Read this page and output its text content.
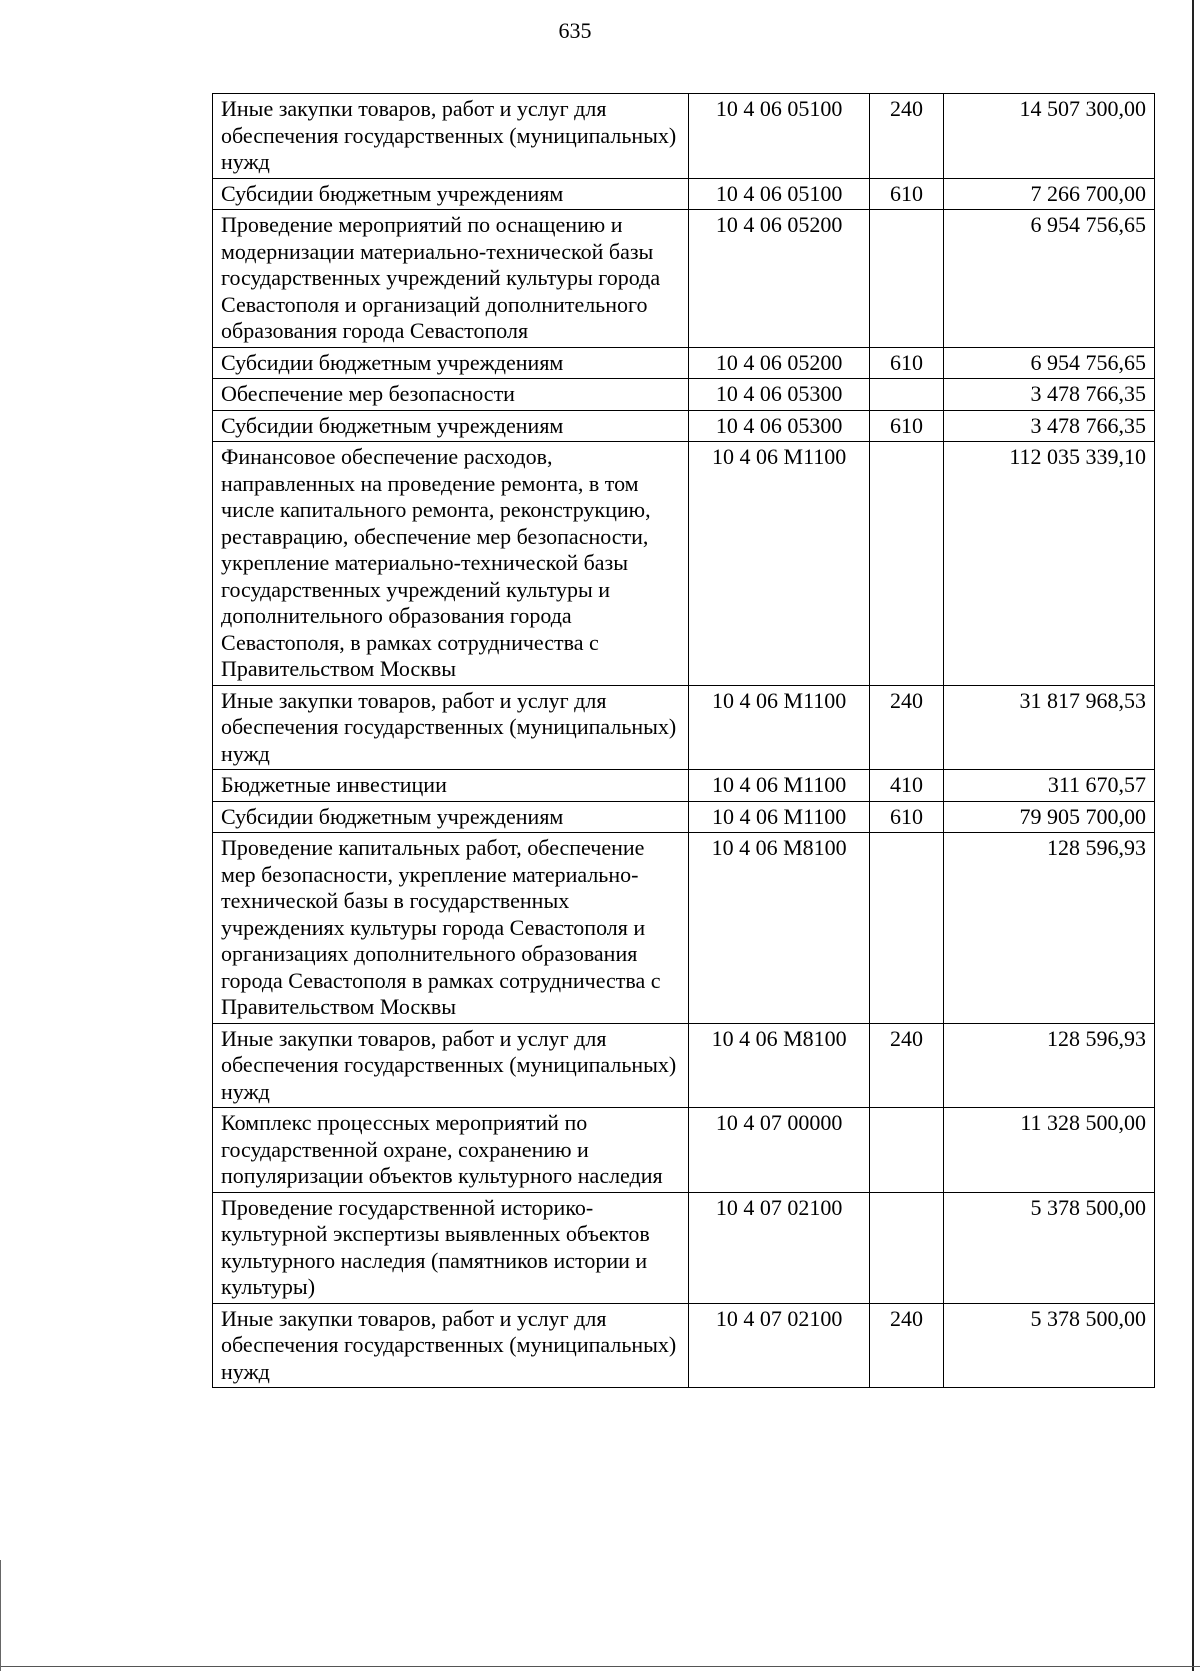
635
Иные закупки товаров, работ и услуг для обеспечения государственных (муниципальных) нужд	10 4 06 05100	240	14 507 300,00
Субсидии бюджетным учреждениям	10 4 06 05100	610	7 266 700,00
Проведение мероприятий по оснащению и модернизации материально-технической базы государственных учреждений культуры города Севастополя и организаций дополнительного образования города Севастополя	10 4 06 05200		6 954 756,65
Субсидии бюджетным учреждениям	10 4 06 05200	610	6 954 756,65
Обеспечение мер безопасности	10 4 06 05300		3 478 766,35
Субсидии бюджетным учреждениям	10 4 06 05300	610	3 478 766,35
Финансовое обеспечение расходов, направленных на проведение ремонта, в том числе капитального ремонта, реконструкцию, реставрацию, обеспечение мер безопасности, укрепление материально-технической базы государственных учреждений культуры и дополнительного образования города Севастополя, в рамках сотрудничества с Правительством Москвы	10 4 06 M1100		112 035 339,10
Иные закупки товаров, работ и услуг для обеспечения государственных (муниципальных) нужд	10 4 06 M1100	240	31 817 968,53
Бюджетные инвестиции	10 4 06 M1100	410	311 670,57
Субсидии бюджетным учреждениям	10 4 06 M1100	610	79 905 700,00
Проведение капитальных работ, обеспечение мер безопасности, укрепление материально-технической базы в государственных учреждениях культуры города Севастополя и организациях дополнительного образования города Севастополя в рамках сотрудничества с Правительством Москвы	10 4 06 M8100		128 596,93
Иные закупки товаров, работ и услуг для обеспечения государственных (муниципальных) нужд	10 4 06 M8100	240	128 596,93
Комплекс процессных мероприятий по государственной охране, сохранению и популяризации объектов культурного наследия	10 4 07 00000		11 328 500,00
Проведение государственной историко-культурной экспертизы выявленных объектов культурного наследия (памятников истории и культуры)	10 4 07 02100		5 378 500,00
Иные закупки товаров, работ и услуг для обеспечения государственных (муниципальных) нужд	10 4 07 02100	240	5 378 500,00
